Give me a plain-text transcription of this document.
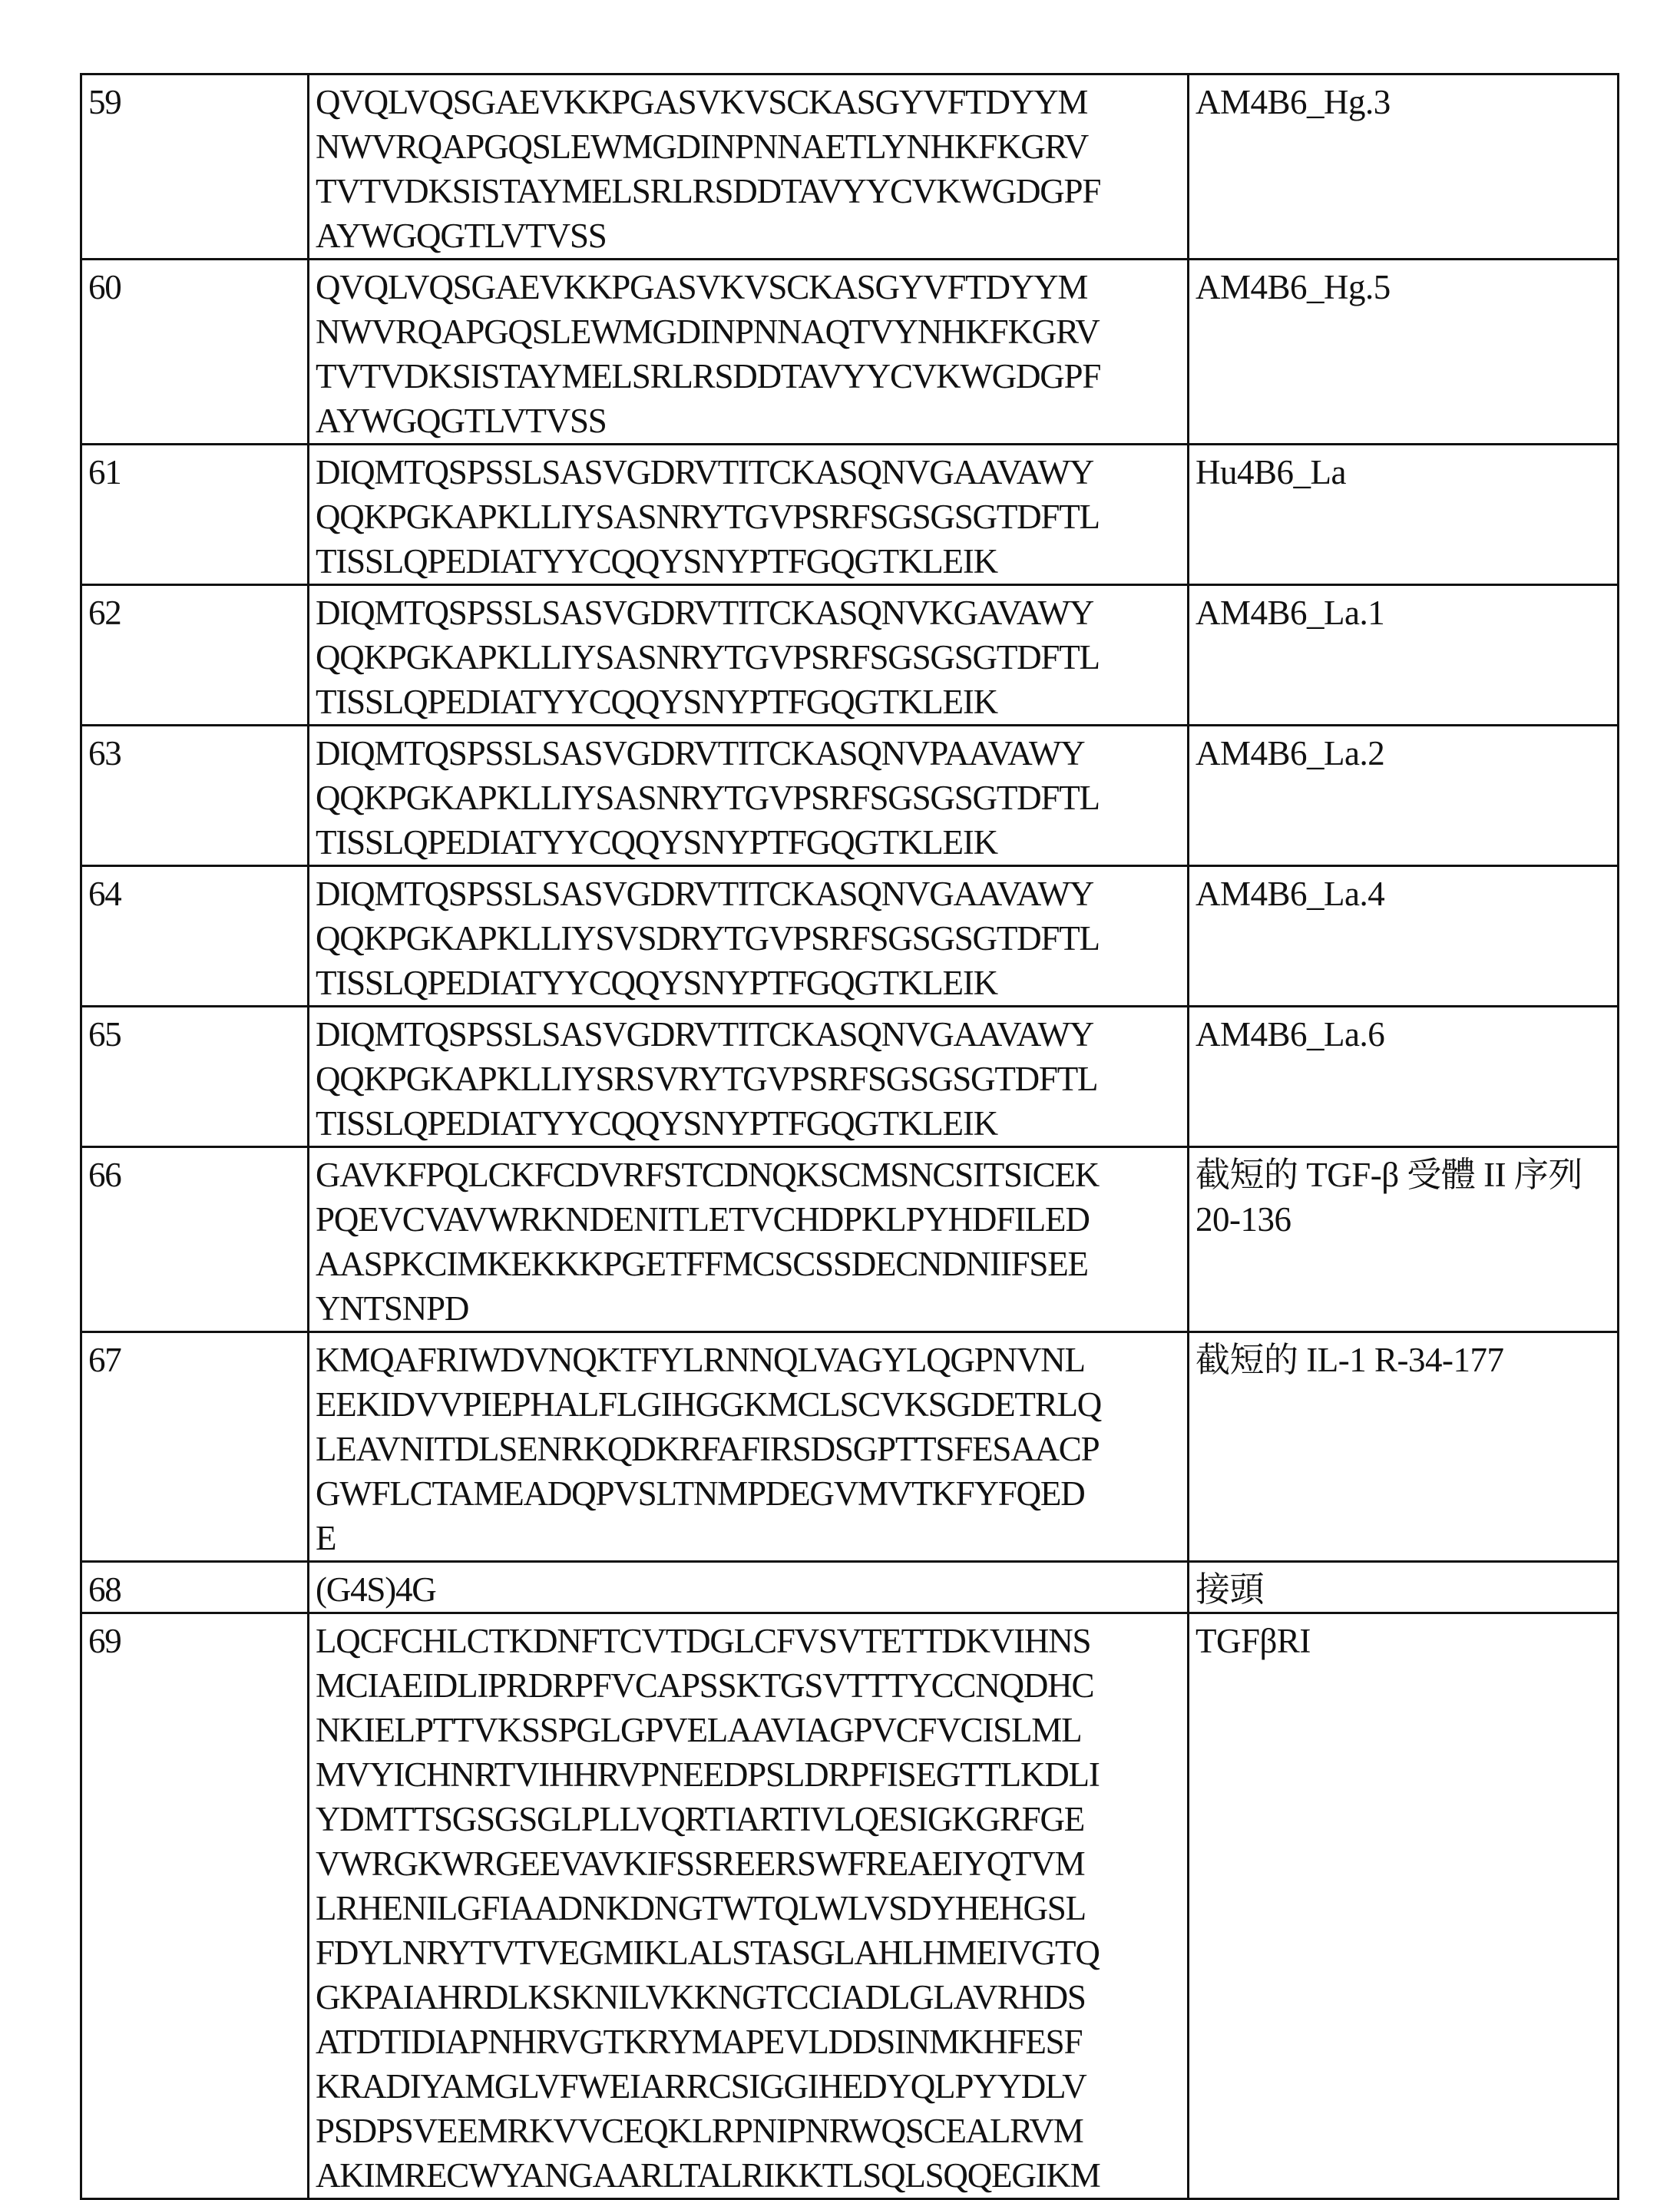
59	QVQLVQSGAEVKKPGASVKVSCKASGYVFTDYYM
NWVRQAPGQSLEWMGDINPNNAETLYNHKFKGRV
TVTVDKSISTAYMELSRLRSDDTAVYYCVKWGDGPF
AYWGQGTLVTVSS

AM4B6_Hg.3

60	QVQLVQSGAEVKKPGASVKVSCKASGYVFTDYYM
NWVRQAPGQSLEWMGDINPNNAQTVYNHKFKGRV
TVTVDKSISTAYMELSRLRSDDTAVYYCVKWGDGPF
AYWGQGTLVTVSS

AM4B6_Hg.5

61	DIQMTQSPSSLSASVGDRVTITCKASQNVGAAVAWY
QQKPGKAPKLLIYSASNRYTGVPSRFSGSGSGTDFTL
TISSLQPEDIATYYCQQYSNYPTFGQGTKLEIK

Hu4B6_La

62	DIQMTQSPSSLSASVGDRVTITCKASQNVKGAVAWY
QQKPGKAPKLLIYSASNRYTGVPSRFSGSGSGTDFTL
TISSLQPEDIATYYCQQYSNYPTFGQGTKLEIK

AM4B6_La.1

63	DIQMTQSPSSLSASVGDRVTITCKASQNVPAAVAWY
QQKPGKAPKLLIYSASNRYTGVPSRFSGSGSGTDFTL
TISSLQPEDIATYYCQQYSNYPTFGQGTKLEIK

AM4B6_La.2

64	DIQMTQSPSSLSASVGDRVTITCKASQNVGAAVAWY
QQKPGKAPKLLIYSVSDRYTGVPSRFSGSGSGTDFTL
TISSLQPEDIATYYCQQYSNYPTFGQGTKLEIK

AM4B6_La.4

65	DIQMTQSPSSLSASVGDRVTITCKASQNVGAAVAWY
QQKPGKAPKLLIYSRSVRYTGVPSRFSGSGSGTDFTL
TISSLQPEDIATYYCQQYSNYPTFGQGTKLEIK

AM4B6_La.6

66	GAVKFPQLCKFCDVRFSTCDNQKSCMSNCSITSICEK
PQEVCVAVWRKNDENITLETVCHDPKLPYHDFILED
AASPKCIMKEKKKPGETFFMCSCSSDECNDNIIFSEE
YNTSNPD

截短的 TGF-β 受體 II 序列
20-136

67	KMQAFRIWDVNQKTFYLRNNQLVAGYLQGPNVNL
EEKIDVVPIEPHALFLGIHGGKMCLSCVKSGDETRLQ
LEAVNITDLSENRKQDKRFAFIRSDSGPTTSFESAACP
GWFLCTAMEADQPVSLTNMPDEGVMVTKFYFQED
E

截短的 IL-1 R-34-177

68	(G4S)4G	接頭

69	LQCFCHLCTKDNFTCVTDGLCFVSVTETTDKVIHNS
MCIAEIDLIPRDRPFVCAPSSKTGSVTTTYCCNQDHC
NKIELPTTVKSSPGLGPVELAAVIAGPVCFVCISLML
MVYICHNRTVIHHRVPNEEDPSLDRPFISEGTTLKDLI
YDMTTSGSGSGLPLLVQRTIARTIVLQESIGKGRFGE
VWRGKWRGEEVAVKIFSSREERSWFREAEIYQTVM
LRHENILGFIAADNKDNGTWTQLWLVSDYHEHGSL
FDYLNRYTVTVEGMIKLALSTASGLAHLHMEIVGTQ
GKPAIAHRDLKSKNILVKKNGTCCIADLGLAVRHDS
ATDTIDIAPNHRVGTKRYMAPEVLDDSINMKHFESF
KRADIYAMGLVFWEIARRCSIGGIHEDYQLPYYDLV
PSDPSVEEMRKVVCEQKLRPNIPNRWQSCEALRVM
AKIMRECWYANGAARLTALRIKKTLSQLSQQEGIKM

TGFβRI
